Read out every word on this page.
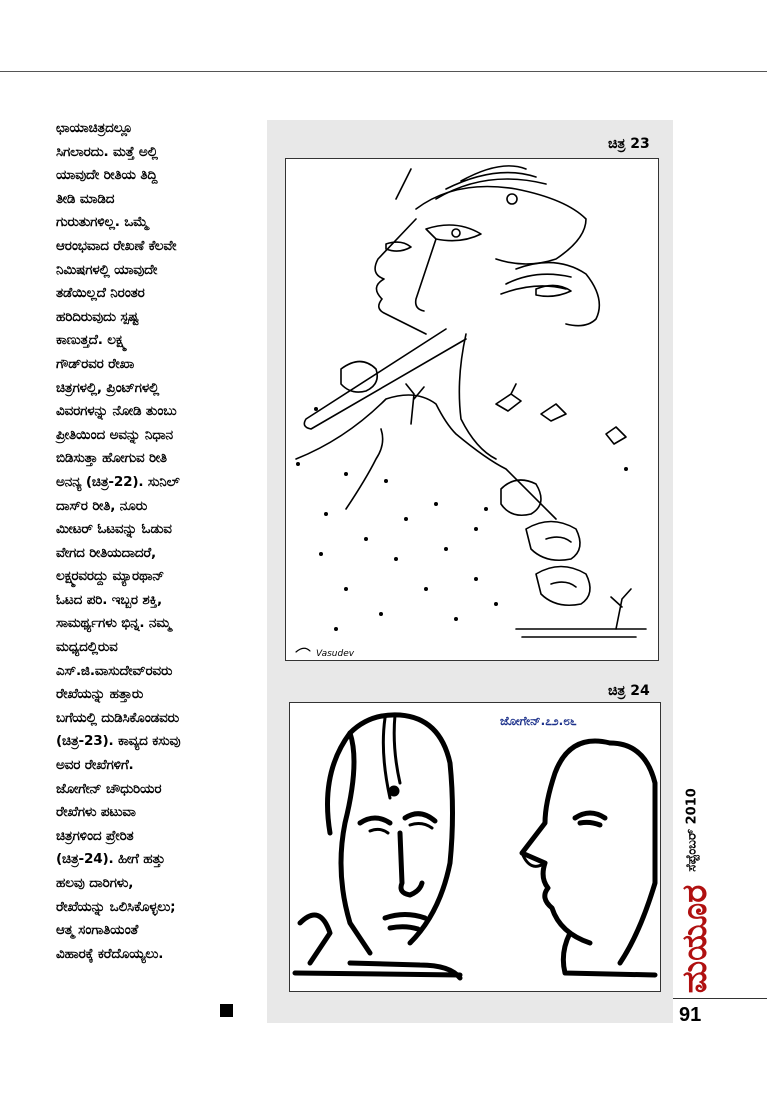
ಛಾಯಾಚಿತ್ರದಲ್ಲೂ
ಸಿಗಲಾರದು. ಮತ್ತೆ ಅಲ್ಲಿ
ಯಾವುದೇ ರೀತಿಯ ತಿದ್ದಿ
ತೀಡಿ ಮಾಡಿದ
ಗುರುತುಗಳಿಲ್ಲ. ಒಮ್ಮೆ
ಆರಂಭವಾದ ರೇಖಣೆ ಕೆಲವೇ
ನಿಮಿಷಗಳಲ್ಲಿ ಯಾವುದೇ
ತಡೆಯಿಲ್ಲದೆ ನಿರಂತರ
ಹರಿದಿರುವುದು ಸ್ಪಷ್ಟ
ಕಾಣುತ್ತದೆ. ಲಕ್ಷ್ಮ
ಗೌಡ್‌ರವರ ರೇಖಾ
ಚಿತ್ರಗಳಲ್ಲಿ, ಪ್ರಿಂಟ್‌ಗಳಲ್ಲಿ
ವಿವರಗಳನ್ನು ನೋಡಿ ತುಂಬು
ಪ್ರೀತಿಯಿಂದ ಅವನ್ನು ನಿಧಾನ
ಬಿಡಿಸುತ್ತಾ ಹೋಗುವ ರೀತಿ
ಅನನ್ಯ (ಚಿತ್ರ-22). ಸುನಿಲ್
ದಾಸ್‌ರ ರೀತಿ, ನೂರು
ಮೀಟರ್ ಓಟವನ್ನು ಓಡುವ
ವೇಗದ ರೀತಿಯದಾದರೆ,
ಲಕ್ಷ್ಮರವರದ್ದು ಮ್ಯಾರಥಾನ್
ಓಟದ ಪರಿ. ಇಬ್ಬರ ಶಕ್ತಿ,
ಸಾಮರ್ಥ್ಯಗಳು ಭಿನ್ನ. ನಮ್ಮ
ಮಧ್ಯದಲ್ಲಿರುವ
ಎಸ್.ಜಿ.ವಾಸುದೇವ್‌ರವರು
ರೇಖೆಯನ್ನು ಹತ್ತಾರು
ಬಗೆಯಲ್ಲಿ ದುಡಿಸಿಕೊಂಡವರು
(ಚಿತ್ರ-23). ಕಾವ್ಯದ ಕಸುವು
ಅವರ ರೇಖೆಗಳಿಗೆ.
ಜೋಗೇನ್ ಚೌಧುರಿಯರ
ರೇಖೆಗಳು ಪಟುವಾ
ಚಿತ್ರಗಳಿಂದ ಪ್ರೇರಿತ
(ಚಿತ್ರ-24). ಹೀಗೆ ಹತ್ತು
ಹಲವು ದಾರಿಗಳು,
ರೇಖೆಯನ್ನು ಒಲಿಸಿಕೊಳ್ಳಲು;
ಆತ್ಮ ಸಂಗಾತಿಯಂತೆ
ವಿಹಾರಕ್ಕೆ ಕರೆದೊಯ್ಯಲು.
ಚಿತ್ರ 23
Vasudev
ಚಿತ್ರ 24
ಜೋಗೇನ್.೭೨.೮೬
ಸೆಪ್ಟೆಂಬರ್ 2010
ಮಯೂರ
91
